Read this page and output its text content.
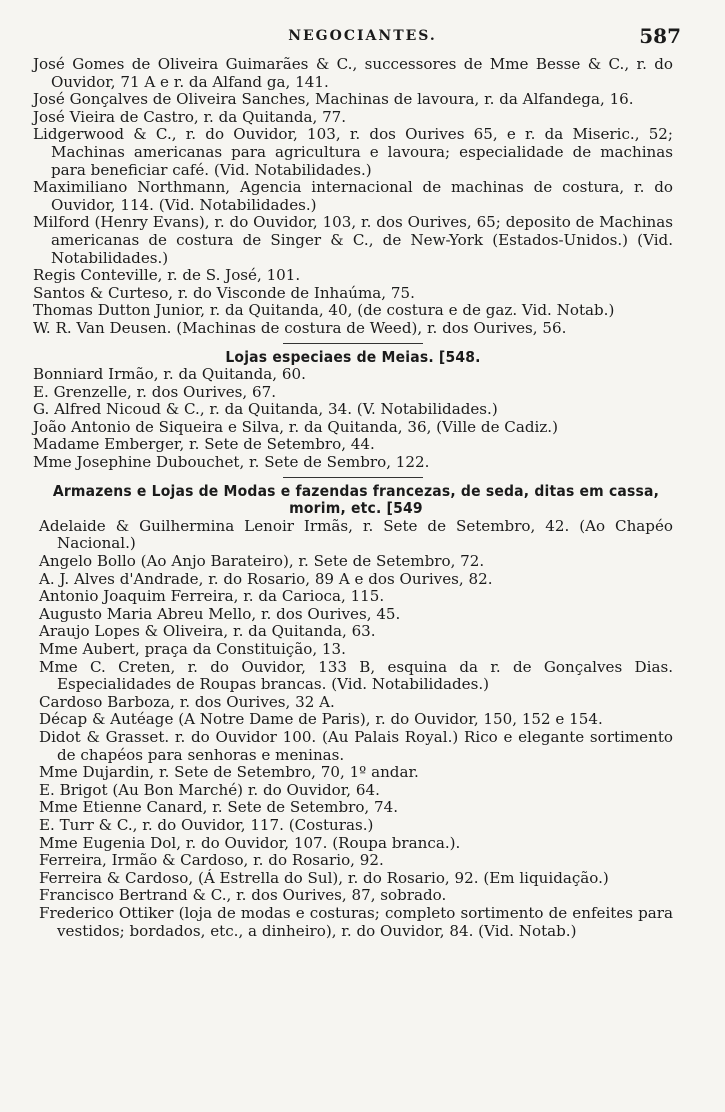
NEGOCIANTES.	587

José Gomes de Oliveira Guimarães & C., successores de Mme Besse & C., r. do Ouvidor, 71 A e r. da Alfand ga, 141.

José Gonçalves de Oliveira Sanches, Machinas de lavoura, r. da Alfandega, 16.

José Vieira de Castro, r. da Quitanda, 77.

Lidgerwood & C., r. do Ouvidor, 103, r. dos Ourives 65, e r. da Miseric., 52; Machinas americanas para agricultura e lavoura; especialidade de machinas para beneficiar café. (Vid. Notabilidades.)

Maximiliano Northmann, Agencia internacional de machinas de costura, r. do Ouvidor, 114. (Vid. Notabilidades.)

Milford (Henry Evans), r. do Ouvidor, 103, r. dos Ourives, 65; deposito de Machinas americanas de costura de Singer & C., de New-York (Estados-Unidos.) (Vid. Notabilidades.)

Regis Conteville, r. de S. José, 101.

Santos & Curteso, r. do Visconde de Inhaúma, 75.

Thomas Dutton Junior, r. da Quitanda, 40, (de costura e de gaz. Vid. Notab.)

W. R. Van Deusen. (Machinas de costura de Weed), r. dos Ourives, 56.

Lojas especiaes de Meias. [548.

Bonniard Irmão, r. da Quitanda, 60.

E. Grenzelle, r. dos Ourives, 67.

G. Alfred Nicoud & C., r. da Quitanda, 34. (V. Notabilidades.)

João Antonio de Siqueira e Silva, r. da Quitanda, 36, (Ville de Cadiz.)

Madame Emberger, r. Sete de Setembro, 44.

Mme Josephine Dubouchet, r. Sete de Sembro, 122.

Armazens e Lojas de Modas e fazendas francezas, de seda, ditas em cassa, morim, etc. [549

Adelaide & Guilhermina Lenoir Irmãs, r. Sete de Setembro, 42. (Ao Chapéo Nacional.)

Angelo Bollo (Ao Anjo Barateiro), r. Sete de Setembro, 72.

A. J. Alves d'Andrade, r. do Rosario, 89 A e dos Ourives, 82.

Antonio Joaquim Ferreira, r. da Carioca, 115.

Augusto Maria Abreu Mello, r. dos Ourives, 45.

Araujo Lopes & Oliveira, r. da Quitanda, 63.

Mme Aubert, praça da Constituição, 13.

Mme C. Creten, r. do Ouvidor, 133 B, esquina da r. de Gonçalves Dias. Especialidades de Roupas brancas. (Vid. Notabilidades.)

Cardoso Barboza, r. dos Ourives, 32 A.

Décap & Autéage (A Notre Dame de Paris), r. do Ouvidor, 150, 152 e 154.

Didot & Grasset. r. do Ouvidor 100. (Au Palais Royal.) Rico e elegante sortimento de chapéos para senhoras e meninas.

Mme Dujardin, r. Sete de Setembro, 70, 1º andar.

E. Brigot (Au Bon Marché) r. do Ouvidor, 64.

Mme Etienne Canard, r. Sete de Setembro, 74.

E. Turr & C., r. do Ouvidor, 117. (Costuras.)

Mme Eugenia Dol, r. do Ouvidor, 107. (Roupa branca.).

Ferreira, Irmão & Cardoso, r. do Rosario, 92.

Ferreira & Cardoso, (Á Estrella do Sul), r. do Rosario, 92. (Em liquidação.)

Francisco Bertrand & C., r. dos Ourives, 87, sobrado.

Frederico Ottiker (loja de modas e costuras; completo sortimento de enfeites para vestidos; bordados, etc., a dinheiro), r. do Ouvidor, 84. (Vid. Notab.)
